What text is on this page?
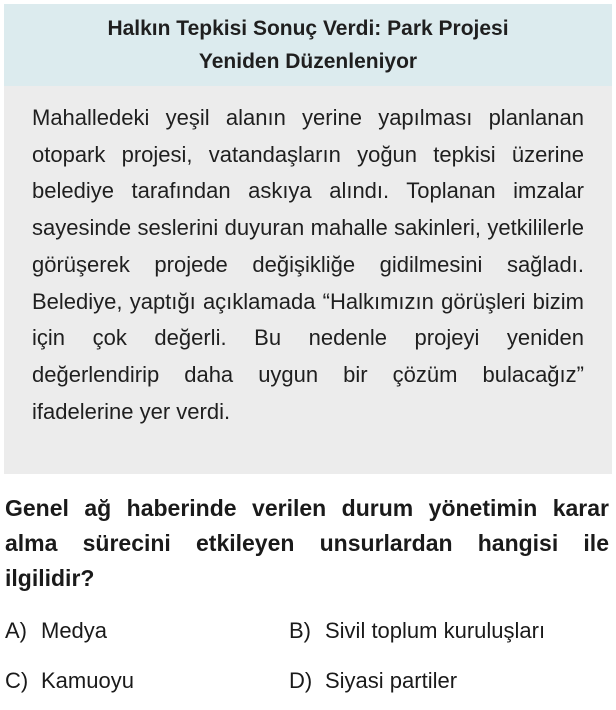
Halkın Tepkisi Sonuç Verdi: Park Projesi Yeniden Düzenleniyor

Mahalledeki yeşil alanın yerine yapılması planlanan otopark projesi, vatandaşların yoğun tepkisi üzerine belediye tarafından askıya alındı. Toplanan imzalar sayesinde seslerini duyuran mahalle sakinleri, yetkililerle görüşerek projede değişikliğe gidilmesini sağladı. Belediye, yaptığı açıklamada “Halkımızın görüşleri bizim için çok değerli. Bu nedenle projeyi yeniden değerlendirip daha uygun bir çözüm bulacağız” ifadelerine yer verdi.

Genel ağ haberinde verilen durum yönetimin karar alma sürecini etkileyen unsurlardan hangisi ile ilgilidir?

A) Medya	B) Sivil toplum kuruluşları
C) Kamuoyu	D) Siyasi partiler
